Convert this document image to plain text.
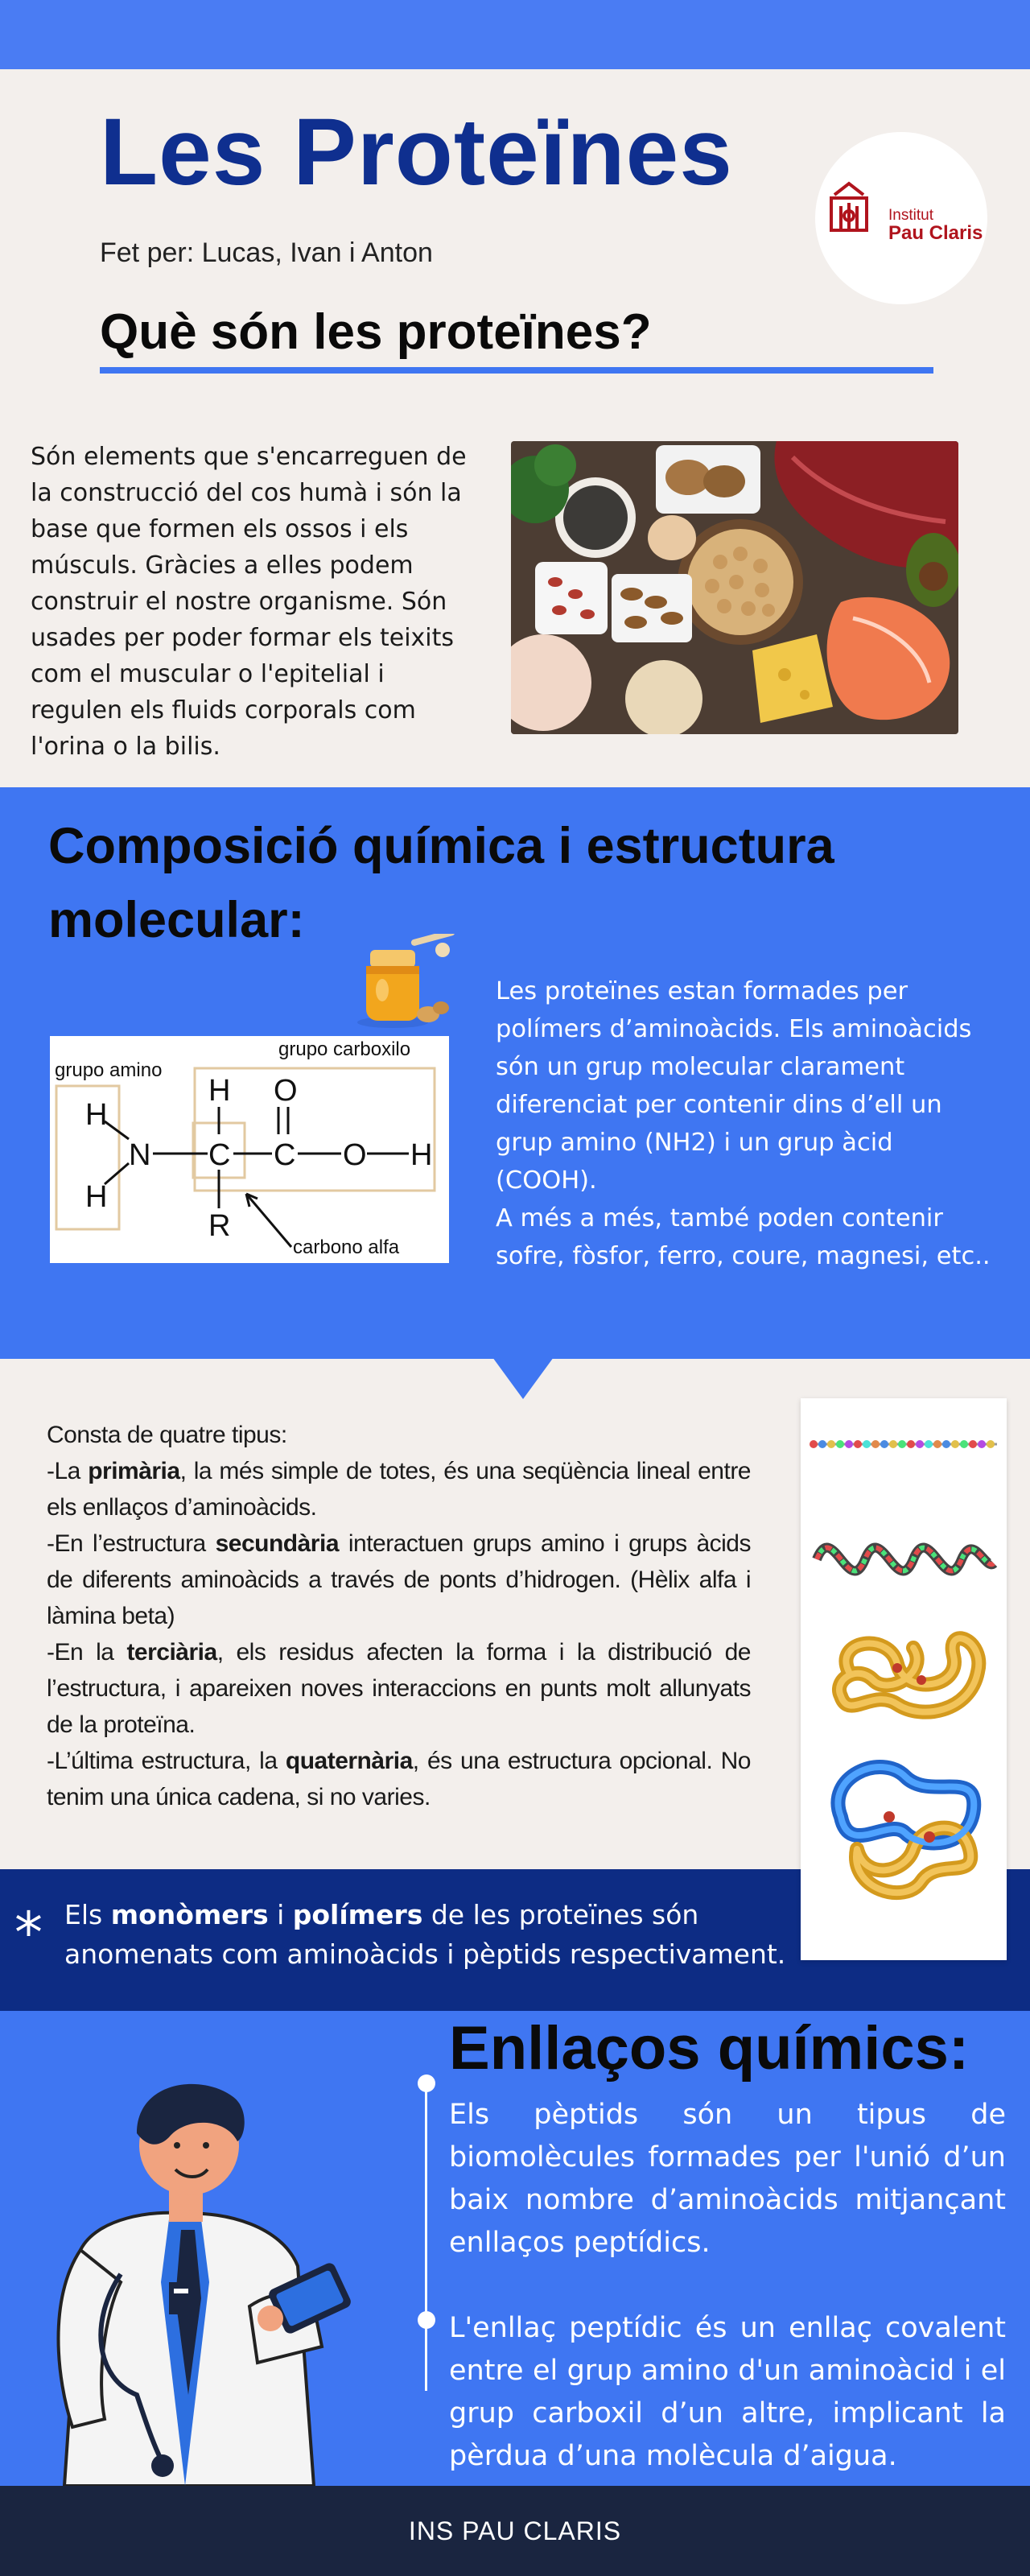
Les Proteïnes
Fet per: Lucas, Ivan i Anton
Institut
Pau Claris
Què són les proteïnes?

Són elements que s'encarreguen de la construcció del cos humà i són la base que formen els ossos i els músculs. Gràcies a elles podem construir el nostre organisme. Són usades per poder formar els teixits com el muscular o l'epitelial i regulen els fluids corporals com l'orina o la bilis.

Composició química i estructura molecular:
grupo amino
grupo carboxilo
carbono alfa
H
N
H
C
H
R
C
O
O H

Les proteïnes estan formades per polímers d’aminoàcids. Els aminoàcids són un grup molecular clarament diferenciat per contenir dins d’ell un grup amino (NH2) i un grup àcid (COOH).

A més a més, també poden contenir sofre, fòsfor, ferro, coure, magnesi, etc..

Consta de quatre tipus:
-La primària, la més simple de totes, és una seqüència lineal entre els enllaços d’aminoàcids.
-En l’estructura secundària interactuen grups amino i grups àcids de diferents aminoàcids a través de ponts d’hidrogen. (Hèlix alfa i làmina beta)
-En la terciària, els residus afecten la forma i la distribució de l’estructura, i apareixen noves interaccions en punts molt allunyats de la proteïna.
-L’última estructura, la quaternària, és una estructura opcional. No tenim una única cadena, si no varies.
* Els monòmers i polímers de les proteïnes són anomenats com aminoàcids i pèptids respectivament.
Enllaços químics:

Els pèptids són un tipus de biomolècules formades per l'unió d’un baix nombre d’aminoàcids mitjançant enllaços peptídics.

L'enllaç peptídic és un enllaç covalent entre el grup amino d'un aminoàcid i el grup carboxil d’un altre, implicant la pèrdua d’una molècula d’aigua.

INS PAU CLARIS
